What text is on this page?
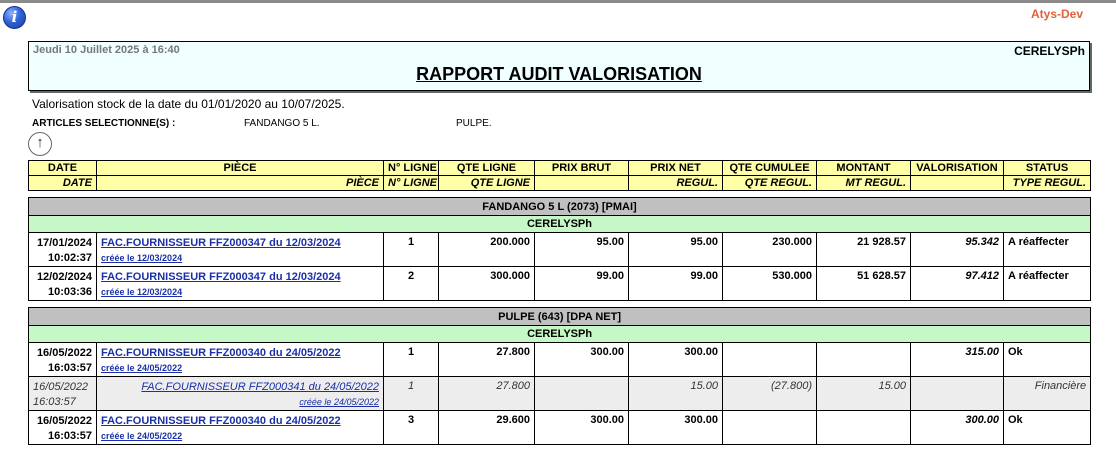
i	Atys-Dev
Jeudi 10 Juillet 2025 à 16:40	CERELYSPh
RAPPORT AUDIT VALORISATION
Valorisation stock de la date du 01/01/2020 au 10/07/2025.
ARTICLES SELECTIONNE(S) :	FANDANGO 5 L.	PULPE.
↑
DATE	PIÈCE	N° LIGNE	QTE LIGNE	PRIX BRUT	PRIX NET	QTE CUMULEE	MONTANT	VALORISATION	STATUS
DATE	PIÈCE	N° LIGNE	QTE LIGNE		REGUL.	QTE REGUL.	MT REGUL.		TYPE REGUL.
FANDANGO 5 L (2073) [PMAI]									
CERELYSPh									
17/01/2024
10:02:37	FAC.FOURNISSEUR FFZ000347 du 12/03/2024
créée le 12/03/2024	1	200.000	95.00	95.00	230.000	21 928.57	95.342	A réaffecter
12/02/2024
10:03:36	FAC.FOURNISSEUR FFZ000347 du 12/03/2024
créée le 12/03/2024	2	300.000	99.00	99.00	530.000	51 628.57	97.412	A réaffecter
PULPE (643) [DPA NET]									
CERELYSPh									
16/05/2022
16:03:57	FAC.FOURNISSEUR FFZ000340 du 24/05/2022
créée le 24/05/2022	1	27.800	300.00	300.00			315.00	Ok
16/05/2022
16:03:57	FAC.FOURNISSEUR FFZ000341 du 24/05/2022
créée le 24/05/2022	1	27.800		15.00	(27.800)	15.00		Financière
16/05/2022
16:03:57	FAC.FOURNISSEUR FFZ000340 du 24/05/2022
créée le 24/05/2022	3	29.600	300.00	300.00			300.00	Ok
